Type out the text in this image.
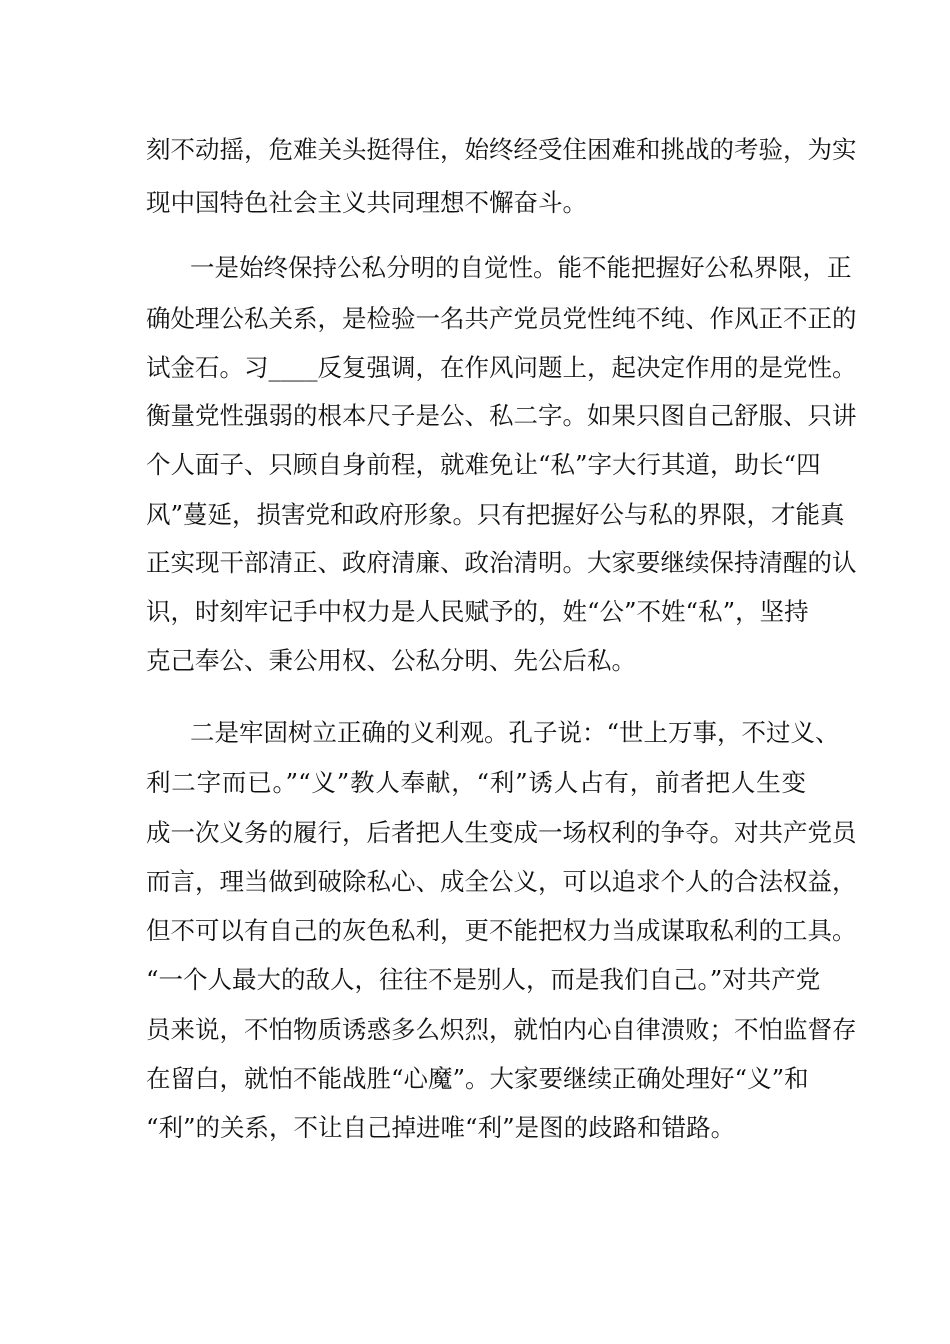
刻不动摇，危难关头挺得住，始终经受住困难和挑战的考验，为实
现中国特色社会主义共同理想不懈奋斗。
一是始终保持公私分明的自觉性。能不能把握好公私界限，正
确处理公私关系，是检验一名共产党员党性纯不纯、作风正不正的
试金石。习____反复强调，在作风问题上，起决定作用的是党性。
衡量党性强弱的根本尺子是公、私二字。如果只图自己舒服、只讲
个人面子、只顾自身前程，就难免让“私”字大行其道，助长“四
风”蔓延，损害党和政府形象。只有把握好公与私的界限，才能真
正实现干部清正、政府清廉、政治清明。大家要继续保持清醒的认
识，时刻牢记手中权力是人民赋予的，姓“公”不姓“私”，坚持
克己奉公、秉公用权、公私分明、先公后私。
二是牢固树立正确的义利观。孔子说：“世上万事，不过义、
利二字而已。”“义”教人奉献，“利”诱人占有，前者把人生变
成一次义务的履行，后者把人生变成一场权利的争夺。对共产党员
而言，理当做到破除私心、成全公义，可以追求个人的合法权益，
但不可以有自己的灰色私利，更不能把权力当成谋取私利的工具。
“一个人最大的敌人，往往不是别人，而是我们自己。”对共产党
员来说，不怕物质诱惑多么炽烈，就怕内心自律溃败；不怕监督存
在留白，就怕不能战胜“心魔”。大家要继续正确处理好“义”和
“利”的关系，不让自己掉进唯“利”是图的歧路和错路。
